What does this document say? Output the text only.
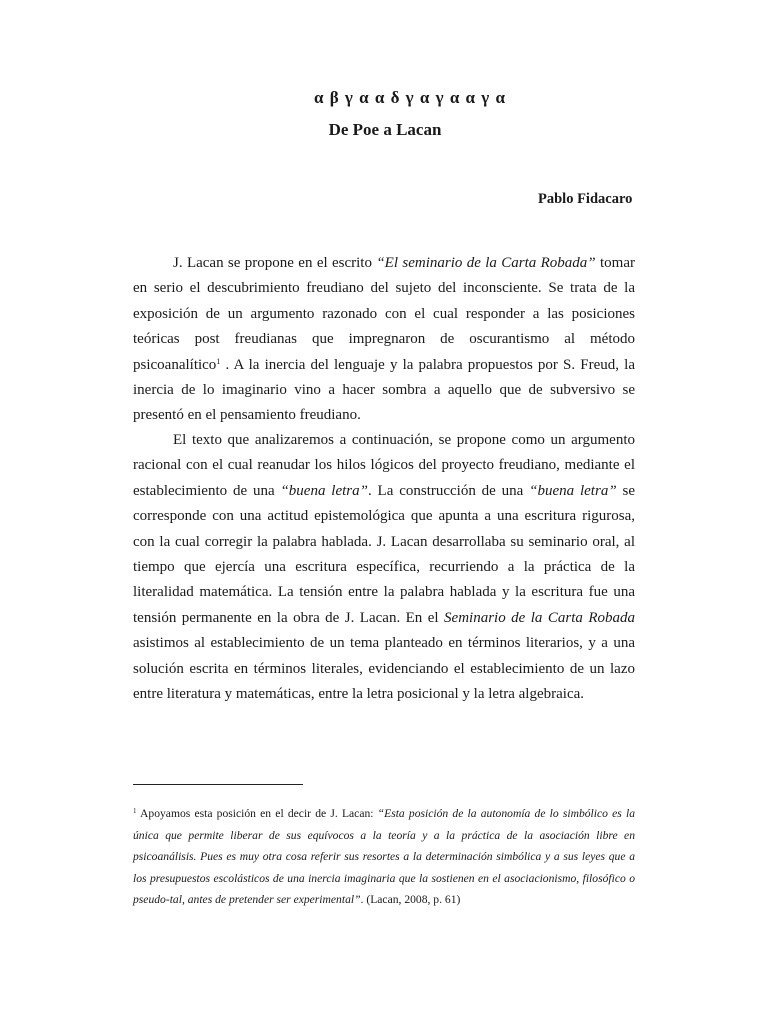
α β γ α α δ γ α γ α α γ α
De Poe a Lacan
Pablo Fidacaro

J. Lacan se propone en el escrito “El seminario de la Carta Robada” tomar en serio el descubrimiento freudiano del sujeto del inconsciente. Se trata de la exposición de un argumento razonado con el cual responder a las posiciones teóricas post freudianas que impregnaron de oscurantismo al método psicoanalítico$^1$ . A la inercia del lenguaje y la palabra propuestos por S. Freud, la inercia de lo imaginario vino a hacer sombra a aquello que de subversivo se presentó en el pensamiento freudiano.

El texto que analizaremos a continuación, se propone como un argumento racional con el cual reanudar los hilos lógicos del proyecto freudiano, mediante el establecimiento de una “buena letra”. La construcción de una “buena letra” se corresponde con una actitud epistemológica que apunta a una escritura rigurosa, con la cual corregir la palabra hablada. J. Lacan desarrollaba su seminario oral, al tiempo que ejercía una escritura específica, recurriendo a la práctica de la literalidad matemática. La tensión entre la palabra hablada y la escritura fue una tensión permanente en la obra de J. Lacan. En el Seminario de la Carta Robada asistimos al establecimiento de un tema planteado en términos literarios, y a una solución escrita en términos literales, evidenciando el establecimiento de un lazo entre literatura y matemáticas, entre la letra posicional y la letra algebraica.

$^1$ Apoyamos esta posición en el decir de J. Lacan: “Esta posición de la autonomía de lo simbólico es la única que permite liberar de sus equívocos a la teoría y a la práctica de la asociación libre en psicoanálisis. Pues es muy otra cosa referir sus resortes a la determinación simbólica y a sus leyes que a los presupuestos escolásticos de una inercia imaginaria que la sostienen en el asociacionismo, filosófico o pseudo-tal, antes de pretender ser experimental”. (Lacan, 2008, p. 61)
